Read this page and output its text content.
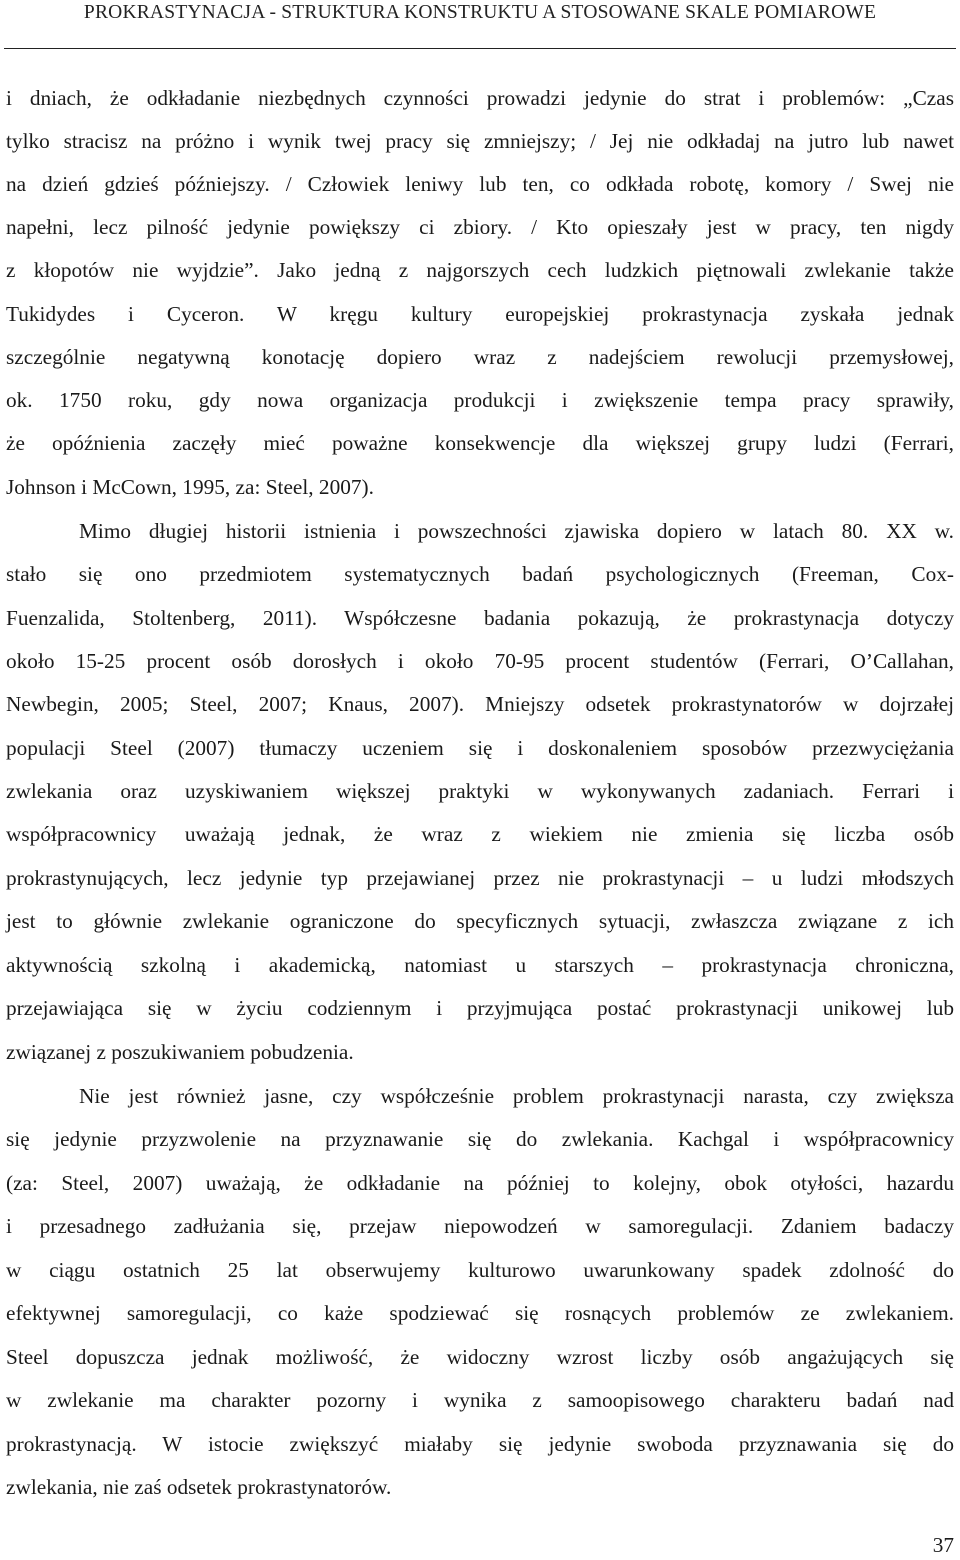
PROKRASTYNACJA - STRUKTURA KONSTRUKTU A STOSOWANE SKALE POMIAROWE
i dniach, że odkładanie niezbędnych czynności prowadzi jedynie do strat i problemów: „Czas
tylko stracisz na próżno i wynik twej pracy się zmniejszy; / Jej nie odkładaj na jutro lub nawet
na dzień gdzieś późniejszy. / Człowiek leniwy lub ten, co odkłada robotę, komory / Swej nie
napełni, lecz pilność jedynie powiększy ci zbiory. / Kto opieszały jest w pracy, ten nigdy
z kłopotów nie wyjdzie”. Jako jedną z najgorszych cech ludzkich piętnowali zwlekanie także
Tukidydes i Cyceron. W kręgu kultury europejskiej prokrastynacja zyskała jednak
szczególnie negatywną konotację dopiero wraz z nadejściem rewolucji przemysłowej,
ok. 1750 roku, gdy nowa organizacja produkcji i zwiększenie tempa pracy sprawiły,
że opóźnienia zaczęły mieć poważne konsekwencje dla większej grupy ludzi (Ferrari,
Johnson i McCown, 1995, za: Steel, 2007).
Mimo długiej historii istnienia i powszechności zjawiska dopiero w latach 80. XX w.
stało się ono przedmiotem systematycznych badań psychologicznych (Freeman, Cox-
Fuenzalida, Stoltenberg, 2011). Współczesne badania pokazują, że prokrastynacja dotyczy
około 15-25 procent osób dorosłych i około 70-95 procent studentów (Ferrari, O’Callahan,
Newbegin, 2005; Steel, 2007; Knaus, 2007). Mniejszy odsetek prokrastynatorów w dojrzałej
populacji Steel (2007) tłumaczy uczeniem się i doskonaleniem sposobów przezwyciężania
zwlekania oraz uzyskiwaniem większej praktyki w wykonywanych zadaniach. Ferrari i
współpracownicy uważają jednak, że wraz z wiekiem nie zmienia się liczba osób
prokrastynujących, lecz jedynie typ przejawianej przez nie prokrastynacji – u ludzi młodszych
jest to głównie zwlekanie ograniczone do specyficznych sytuacji, zwłaszcza związane z ich
aktywnością szkolną i akademicką, natomiast u starszych – prokrastynacja chroniczna,
przejawiająca się w życiu codziennym i przyjmująca postać prokrastynacji unikowej lub
związanej z poszukiwaniem pobudzenia.
Nie jest również jasne, czy współcześnie problem prokrastynacji narasta, czy zwiększa
się jedynie przyzwolenie na przyznawanie się do zwlekania. Kachgal i współpracownicy
(za: Steel, 2007) uważają, że odkładanie na później to kolejny, obok otyłości, hazardu
i przesadnego zadłużania się, przejaw niepowodzeń w samoregulacji. Zdaniem badaczy
w ciągu ostatnich 25 lat obserwujemy kulturowo uwarunkowany spadek zdolność do
efektywnej samoregulacji, co każe spodziewać się rosnących problemów ze zwlekaniem.
Steel dopuszcza jednak możliwość, że widoczny wzrost liczby osób angażujących się
w zwlekanie ma charakter pozorny i wynika z samoopisowego charakteru badań nad
prokrastynacją. W istocie zwiększyć miałaby się jedynie swoboda przyznawania się do
zwlekania, nie zaś odsetek prokrastynatorów.
37
